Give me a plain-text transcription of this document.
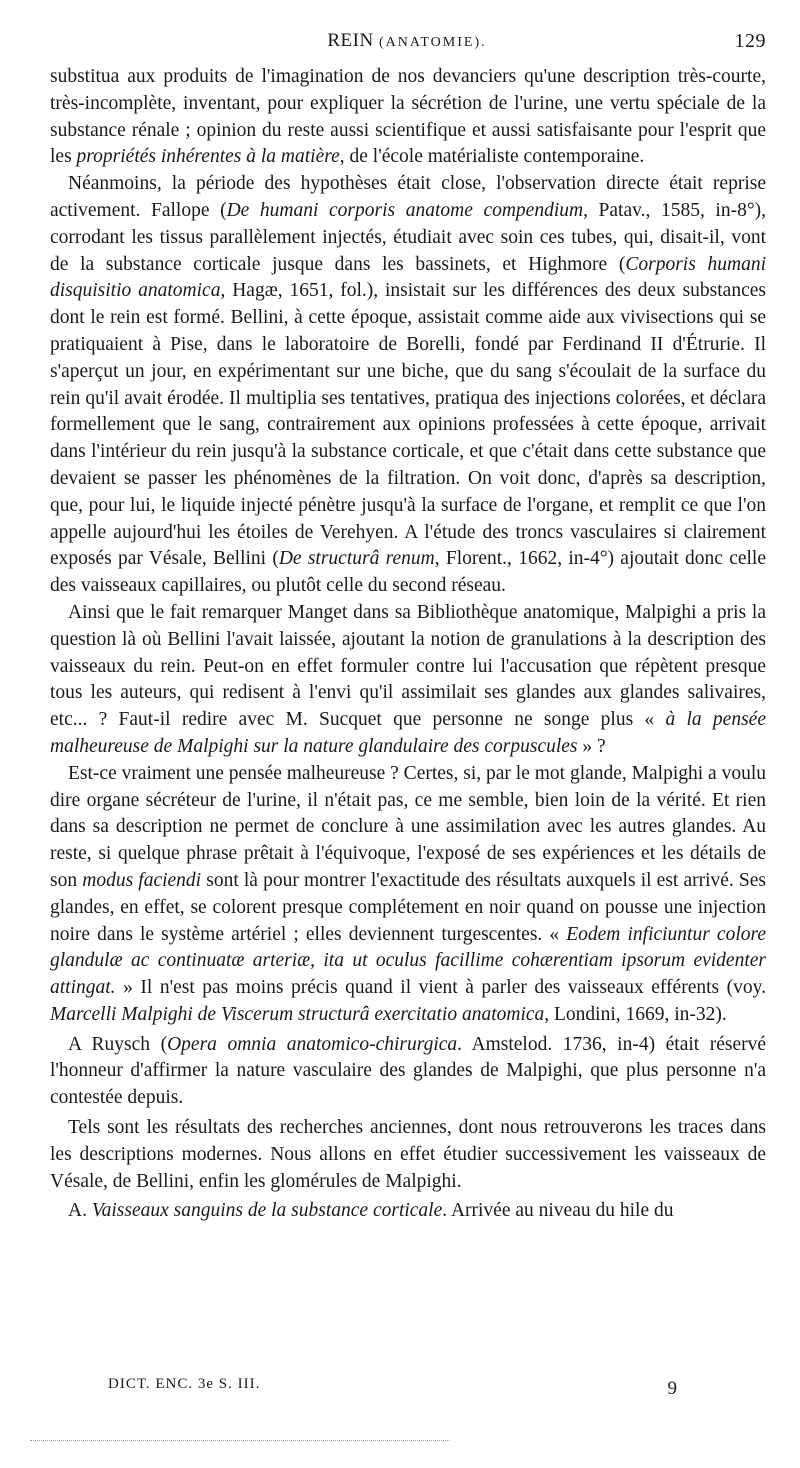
REIN (ANATOMIE).	129

substitua aux produits de l'imagination de nos devanciers qu'une description très-courte, très-incomplète, inventant, pour expliquer la sécrétion de l'urine, une vertu spéciale de la substance rénale ; opinion du reste aussi scientifique et aussi satisfaisante pour l'esprit que les propriétés inhérentes à la matière, de l'école matérialiste contemporaine.

Néanmoins, la période des hypothèses était close, l'observation directe était reprise activement. Fallope (De humani corporis anatome compendium, Patav., 1585, in-8°), corrodant les tissus parallèlement injectés, étudiait avec soin ces tubes, qui, disait-il, vont de la substance corticale jusque dans les bassinets, et Highmore (Corporis humani disquisitio anatomica, Hagæ, 1651, fol.), insistait sur les différences des deux substances dont le rein est formé. Bellini, à cette époque, assistait comme aide aux vivisections qui se pratiquaient à Pise, dans le laboratoire de Borelli, fondé par Ferdinand II d'Étrurie. Il s'aperçut un jour, en expérimentant sur une biche, que du sang s'écoulait de la surface du rein qu'il avait érodée. Il multiplia ses tentatives, pratiqua des injections colorées, et déclara formellement que le sang, contrairement aux opinions professées à cette époque, arrivait dans l'intérieur du rein jusqu'à la substance corticale, et que c'était dans cette substance que devaient se passer les phénomènes de la filtration. On voit donc, d'après sa description, que, pour lui, le liquide injecté pénètre jusqu'à la surface de l'organe, et remplit ce que l'on appelle aujourd'hui les étoiles de Verehyen. A l'étude des troncs vasculaires si clairement exposés par Vésale, Bellini (De structurâ renum, Florent., 1662, in-4°) ajoutait donc celle des vaisseaux capillaires, ou plutôt celle du second réseau.

Ainsi que le fait remarquer Manget dans sa Bibliothèque anatomique, Malpighi a pris la question là où Bellini l'avait laissée, ajoutant la notion de granulations à la description des vaisseaux du rein. Peut-on en effet formuler contre lui l'accusation que répètent presque tous les auteurs, qui redisent à l'envi qu'il assimilait ses glandes aux glandes salivaires, etc... ? Faut-il redire avec M. Sucquet que personne ne songe plus « à la pensée malheureuse de Malpighi sur la nature glandulaire des corpuscules » ?

Est-ce vraiment une pensée malheureuse ? Certes, si, par le mot glande, Malpighi a voulu dire organe sécréteur de l'urine, il n'était pas, ce me semble, bien loin de la vérité. Et rien dans sa description ne permet de conclure à une assimilation avec les autres glandes. Au reste, si quelque phrase prêtait à l'équivoque, l'exposé de ses expériences et les détails de son modus faciendi sont là pour montrer l'exactitude des résultats auxquels il est arrivé. Ses glandes, en effet, se colorent presque complétement en noir quand on pousse une injection noire dans le système artériel ; elles deviennent turgescentes. « Eodem inficiuntur colore glandulæ ac continuatæ arteriæ, ita ut oculus facillime cohærentiam ipsorum evidenter attingat. » Il n'est pas moins précis quand il vient à parler des vaisseaux efférents (voy. Marcelli Malpighi de Viscerum structurâ exercitatio anatomica, Londini, 1669, in-32).

A Ruysch (Opera omnia anatomico-chirurgica. Amstelod. 1736, in-4) était réservé l'honneur d'affirmer la nature vasculaire des glandes de Malpighi, que plus personne n'a contestée depuis.

Tels sont les résultats des recherches anciennes, dont nous retrouverons les traces dans les descriptions modernes. Nous allons en effet étudier successivement les vaisseaux de Vésale, de Bellini, enfin les glomérules de Malpighi.

A. Vaisseaux sanguins de la substance corticale. Arrivée au niveau du hile du

DICT. ENC. 3e S. III.	9
